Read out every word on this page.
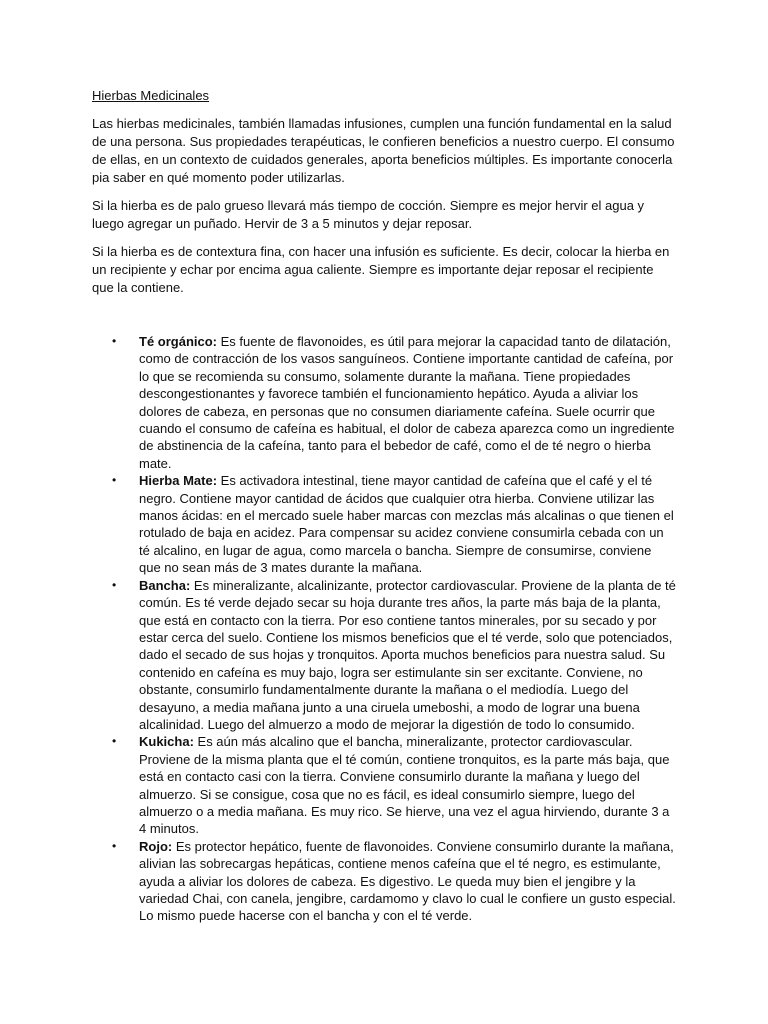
Hierbas Medicinales

Las hierbas medicinales, también llamadas infusiones, cumplen una función fundamental en la salud de una persona. Sus propiedades terapéuticas, le confieren beneficios a nuestro cuerpo. El consumo de ellas, en un contexto de cuidados generales, aporta beneficios múltiples. Es importante conocerla pia saber en qué momento poder utilizarlas.

Si la hierba es de palo grueso llevará más tiempo de cocción. Siempre es mejor hervir el agua y luego agregar un puñado. Hervir de 3 a 5 minutos y dejar reposar.

Si la hierba es de contextura fina, con hacer una infusión es suficiente. Es decir, colocar la hierba en un recipiente y echar por encima agua caliente. Siempre es importante dejar reposar el recipiente que la contiene.

• Té orgánico: Es fuente de flavonoides, es útil para mejorar la capacidad tanto de dilatación, como de contracción de los vasos sanguíneos. Contiene importante cantidad de cafeína, por lo que se recomienda su consumo, solamente durante la mañana. Tiene propiedades descongestionantes y favorece también el funcionamiento hepático. Ayuda a aliviar los dolores de cabeza, en personas que no consumen diariamente cafeína. Suele ocurrir que cuando el consumo de cafeína es habitual, el dolor de cabeza aparezca como un ingrediente de abstinencia de la cafeína, tanto para el bebedor de café, como el de té negro o hierba mate.
• Hierba Mate: Es activadora intestinal, tiene mayor cantidad de cafeína que el café y el té negro. Contiene mayor cantidad de ácidos que cualquier otra hierba. Conviene utilizar las manos ácidas: en el mercado suele haber marcas con mezclas más alcalinas o que tienen el rotulado de baja en acidez. Para compensar su acidez conviene consumirla cebada con un té alcalino, en lugar de agua, como marcela o bancha. Siempre de consumirse, conviene que no sean más de 3 mates durante la mañana.
• Bancha: Es mineralizante, alcalinizante, protector cardiovascular. Proviene de la planta de té común. Es té verde dejado secar su hoja durante tres años, la parte más baja de la planta, que está en contacto con la tierra. Por eso contiene tantos minerales, por su secado y por estar cerca del suelo. Contiene los mismos beneficios que el té verde, solo que potenciados, dado el secado de sus hojas y tronquitos. Aporta muchos beneficios para nuestra salud. Su contenido en cafeína es muy bajo, logra ser estimulante sin ser excitante. Conviene, no obstante, consumirlo fundamentalmente durante la mañana o el mediodía. Luego del desayuno, a media mañana junto a una ciruela umeboshi, a modo de lograr una buena alcalinidad. Luego del almuerzo a modo de mejorar la digestión de todo lo consumido.
• Kukicha: Es aún más alcalino que el bancha, mineralizante, protector cardiovascular. Proviene de la misma planta que el té común, contiene tronquitos, es la parte más baja, que está en contacto casi con la tierra. Conviene consumirlo durante la mañana y luego del almuerzo. Si se consigue, cosa que no es fácil, es ideal consumirlo siempre, luego del almuerzo o a media mañana. Es muy rico. Se hierve, una vez el agua hirviendo, durante 3 a 4 minutos.
• Rojo: Es protector hepático, fuente de flavonoides. Conviene consumirlo durante la mañana, alivian las sobrecargas hepáticas, contiene menos cafeína que el té negro, es estimulante, ayuda a aliviar los dolores de cabeza. Es digestivo. Le queda muy bien el jengibre y la variedad Chai, con canela, jengibre, cardamomo y clavo lo cual le confiere un gusto especial. Lo mismo puede hacerse con el bancha y con el té verde.
